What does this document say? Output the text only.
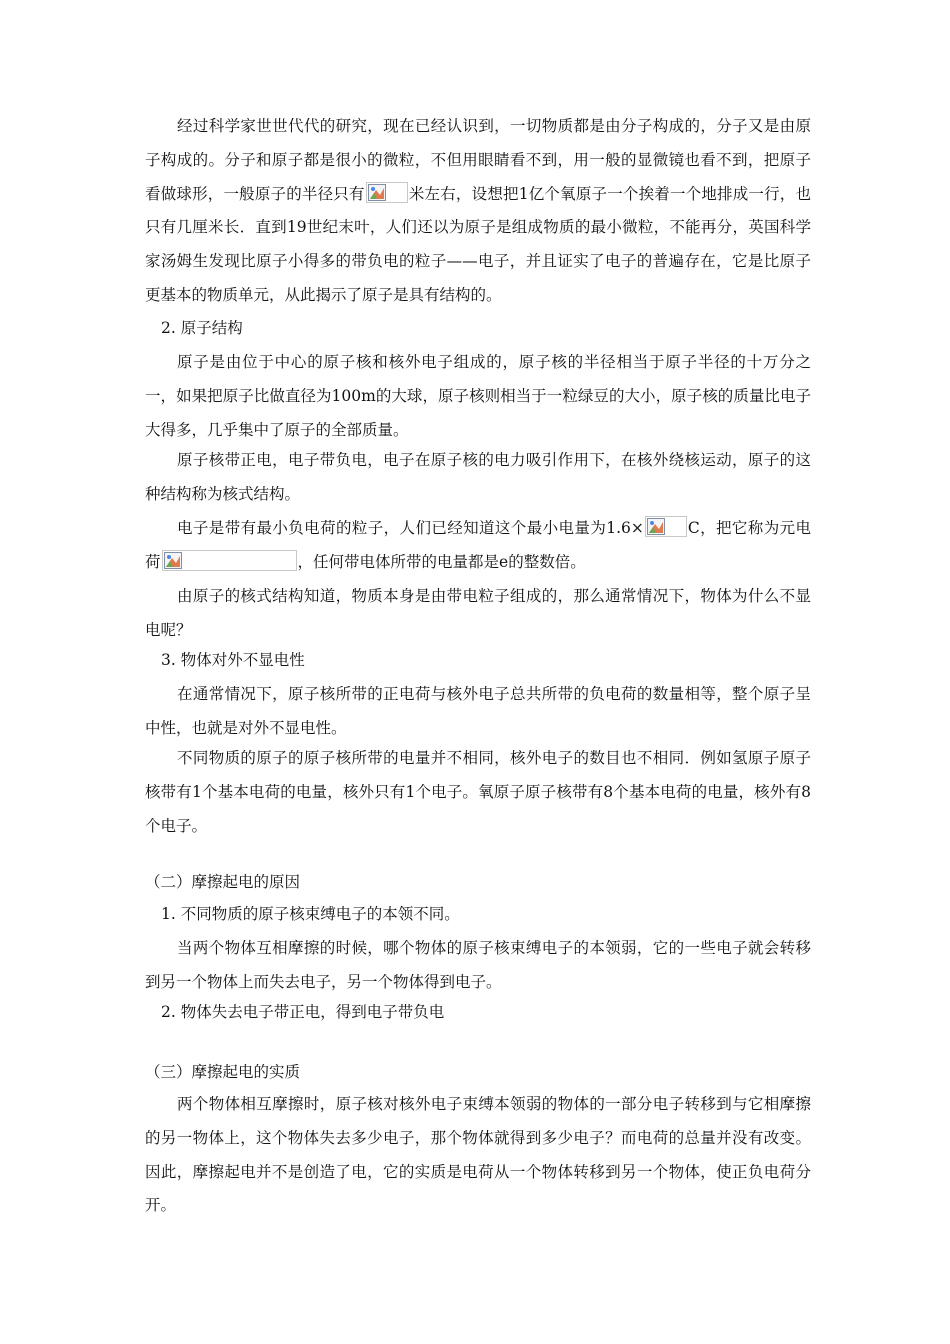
经过科学家世世代代的研究，现在已经认识到，一切物质都是由分子构成的，分子又是由原子构成的。分子和原子都是很小的微粒，不但用眼睛看不到，用一般的显微镜也看不到，把原子看做球形，一般原子的半径只有	米左右，设想把1亿个氧原子一个挨着一个地排成一行，也只有几厘米长．直到19世纪末叶，人们还以为原子是组成物质的最小微粒，不能再分，英国科学家汤姆生发现比原子小得多的带负电的粒子——电子，并且证实了电子的普遍存在，它是比原子更基本的物质单元，从此揭示了原子是具有结构的。

2. 原子结构

原子是由位于中心的原子核和核外电子组成的，原子核的半径相当于原子半径的十万分之一，如果把原子比做直径为100m的大球，原子核则相当于一粒绿豆的大小，原子核的质量比电子大得多，几乎集中了原子的全部质量。

原子核带正电，电子带负电，电子在原子核的电力吸引作用下，在核外绕核运动，原子的这种结构称为核式结构。

电子是带有最小负电荷的粒子，人们已经知道这个最小电量为1.6×	C，把它称为元电荷	，任何带电体所带的电量都是e的整数倍。

由原子的核式结构知道，物质本身是由带电粒子组成的，那么通常情况下，物体为什么不显电呢？

3. 物体对外不显电性

在通常情况下，原子核所带的正电荷与核外电子总共所带的负电荷的数量相等，整个原子呈中性，也就是对外不显电性。

不同物质的原子的原子核所带的电量并不相同，核外电子的数目也不相同．例如氢原子原子核带有1个基本电荷的电量，核外只有1个电子。氧原子原子核带有8个基本电荷的电量，核外有8个电子。

（二）摩擦起电的原因

1. 不同物质的原子核束缚电子的本领不同。

当两个物体互相摩擦的时候，哪个物体的原子核束缚电子的本领弱，它的一些电子就会转移到另一个物体上而失去电子，另一个物体得到电子。

2. 物体失去电子带正电，得到电子带负电

（三）摩擦起电的实质

两个物体相互摩擦时，原子核对核外电子束缚本领弱的物体的一部分电子转移到与它相摩擦的另一物体上，这个物体失去多少电子，那个物体就得到多少电子？而电荷的总量并没有改变。因此，摩擦起电并不是创造了电，它的实质是电荷从一个物体转移到另一个物体，使正负电荷分开。
